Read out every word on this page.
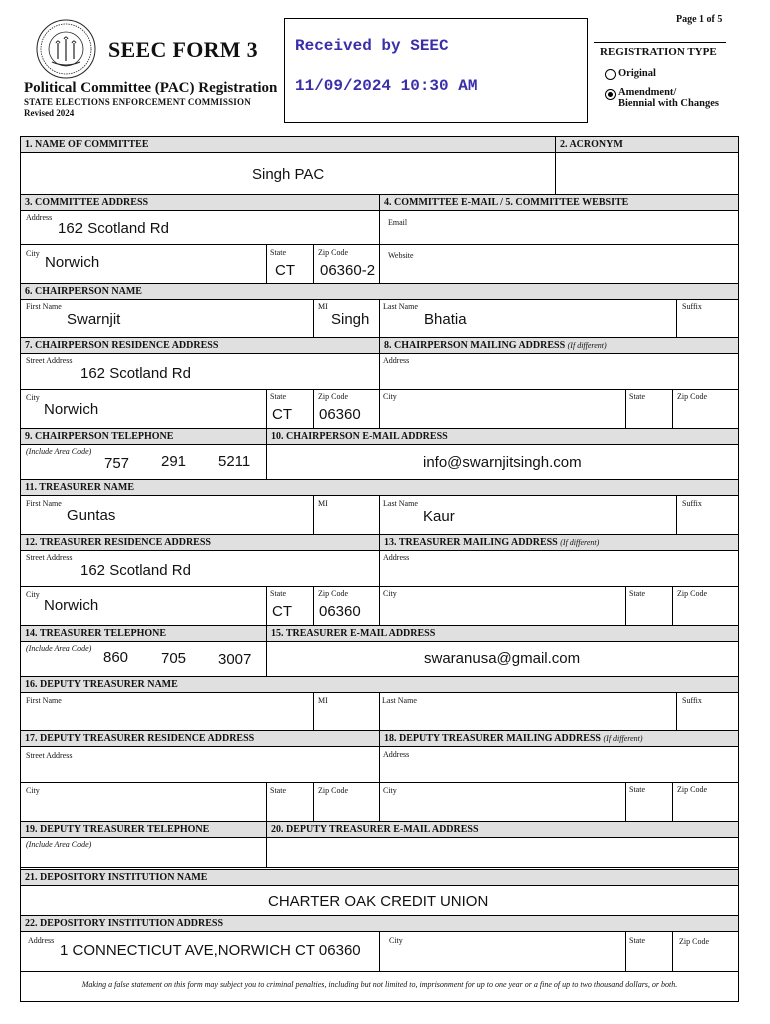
Page 1 of 5
SEEC FORM 3
Political Committee (PAC) Registration
STATE ELECTIONS ENFORCEMENT COMMISSION
Revised 2024
Received by SEEC
11/09/2024 10:30 AM
REGISTRATION TYPE
Original
Amendment/
Biennial with Changes
1. NAME OF COMMITTEE	2. ACRONYM
Singh PAC
3. COMMITTEE ADDRESS	4. COMMITTEE E-MAIL / 5. COMMITTEE WEBSITE
Address
162 Scotland Rd
City
Norwich
State
CT
Zip Code
06360-2
Email
Website
6. CHAIRPERSON NAME
First Name
Swarnjit
MI
Singh
Last Name
Bhatia
Suffix
7. CHAIRPERSON RESIDENCE ADDRESS	8. CHAIRPERSON MAILING ADDRESS (If different)
Street Address
162 Scotland Rd
City
Norwich
State
CT
Zip Code
06360
Address
City	State	Zip Code
9. CHAIRPERSON TELEPHONE	10. CHAIRPERSON E-MAIL ADDRESS
(Include Area Code)
757 291 5211	info@swarnjitsingh.com
11. TREASURER NAME
First Name
Guntas
MI	Last Name
Kaur
Suffix
12. TREASURER RESIDENCE ADDRESS	13. TREASURER MAILING ADDRESS (If different)
Street Address
162 Scotland Rd
City
Norwich
State
CT
Zip Code
06360
Address
City	State	Zip Code
14. TREASURER TELEPHONE	15. TREASURER E-MAIL ADDRESS
(Include Area Code)
860 705 3007	swaranusa@gmail.com
16. DEPUTY TREASURER NAME
First Name	MI	Last Name	Suffix
17. DEPUTY TREASURER RESIDENCE ADDRESS	18. DEPUTY TREASURER MAILING ADDRESS (If different)
Street Address
City	State	Zip Code
Address
City	State	Zip Code
19. DEPUTY TREASURER TELEPHONE	20. DEPUTY TREASURER E-MAIL ADDRESS
(Include Area Code)
21. DEPOSITORY INSTITUTION NAME
CHARTER OAK CREDIT UNION
22. DEPOSITORY INSTITUTION ADDRESS
Address
1 CONNECTICUT AVE,NORWICH CT 06360
City	State	Zip Code
Making a false statement on this form may subject you to criminal penalties, including but not limited to, imprisonment for up to one year or a fine of up to two thousand dollars, or both.
